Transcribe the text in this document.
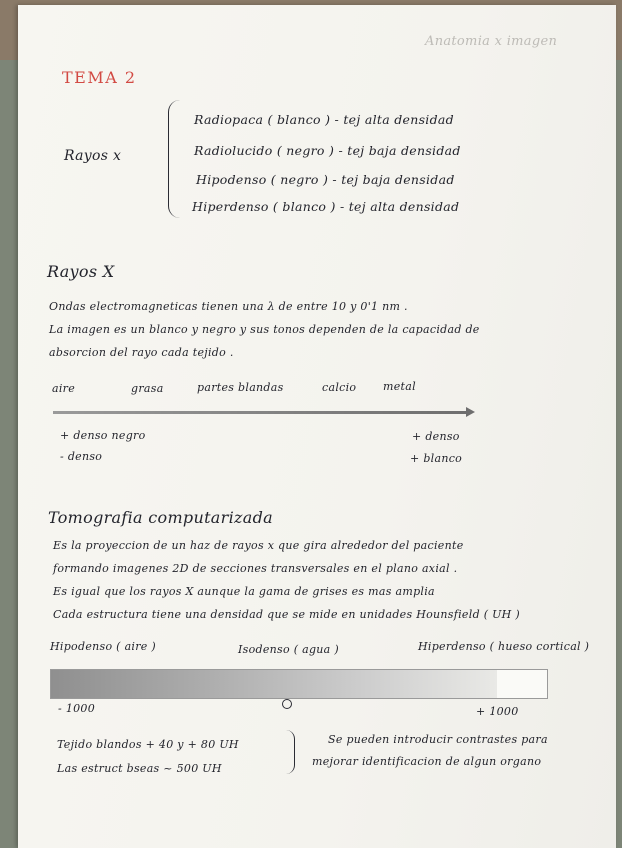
Anatomia x imagen
TEMA 2
Rayos x
Radiopaca ( blanco ) - tej alta densidad
Radiolucido ( negro ) - tej baja densidad
Hipodenso ( negro ) - tej baja densidad
Hiperdenso ( blanco ) - tej alta densidad
Rayos X
Ondas electromagneticas tienen una λ de entre 10 y 0'1 nm .
La imagen es un blanco y negro y sus tonos dependen de la capacidad de
absorcion del rayo cada tejido .
aire	grasa	partes blandas	calcio metal
+ denso negro
- denso
+ denso
+ blanco
Tomografia computarizada
Es la proyeccion de un haz de rayos x que gira alrededor del paciente
formando imagenes 2D de secciones transversales en el plano axial .
Es igual que los rayos X aunque la gama de grises es mas amplia
Cada estructura tiene una densidad que se mide en unidades Hounsfield ( UH )
Hipodenso ( aire )	Isodenso ( agua )	Hiperdenso ( hueso cortical )
- 1000	+ 1000
Tejido blandos + 40 y + 80 UH
Las estruct bseas ~ 500 UH
Se pueden introducir contrastes para
mejorar identificacion de algun organo
